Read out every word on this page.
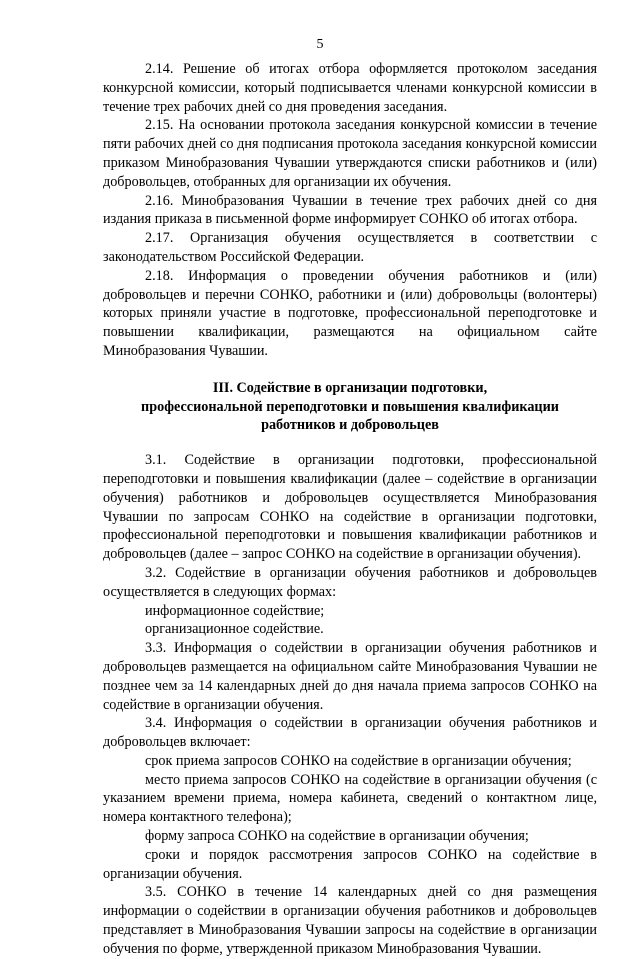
5

2.14. Решение об итогах отбора оформляется протоколом заседания конкурсной комиссии, который подписывается членами конкурсной комиссии в течение трех рабочих дней со дня проведения заседания.

2.15. На основании протокола заседания конкурсной комиссии в течение пяти рабочих дней со дня подписания протокола заседания конкурсной комиссии приказом Минобразования Чувашии утверждаются списки работников и (или) добровольцев, отобранных для организации их обучения.

2.16. Минобразования Чувашии в течение трех рабочих дней со дня издания приказа в письменной форме информирует СОНКО об итогах отбора.

2.17. Организация обучения осуществляется в соответствии с законодательством Российской Федерации.

2.18. Информация о проведении обучения работников и (или) добровольцев и перечни СОНКО, работники и (или) добровольцы (волонтеры) которых приняли участие в подготовке, профессиональной переподготовке и повышении квалификации, размещаются на официальном сайте Минобразования Чувашии.

III. Содействие в организации подготовки,
профессиональной переподготовки и повышения квалификации
работников и добровольцев

3.1. Содействие в организации подготовки, профессиональной переподготовки и повышения квалификации (далее – содействие в организации обучения) работников и добровольцев осуществляется Минобразования Чувашии по запросам СОНКО на содействие в организации подготовки, профессиональной переподготовки и повышения квалификации работников и добровольцев (далее – запрос СОНКО на содействие в организации обучения).

3.2. Содействие в организации обучения работников и добровольцев осуществляется в следующих формах:

информационное содействие;

организационное содействие.

3.3. Информация о содействии в организации обучения работников и добровольцев размещается на официальном сайте Минобразования Чувашии не позднее чем за 14 календарных дней до дня начала приема запросов СОНКО на содействие в организации обучения.

3.4. Информация о содействии в организации обучения работников и добровольцев включает:

срок приема запросов СОНКО на содействие в организации обучения;

место приема запросов СОНКО на содействие в организации обучения (с указанием времени приема, номера кабинета, сведений о контактном лице, номера контактного телефона);

форму запроса СОНКО на содействие в организации обучения;

сроки и порядок рассмотрения запросов СОНКО на содействие в организации обучения.

3.5. СОНКО в течение 14 календарных дней со дня размещения информации о содействии в организации обучения работников и добровольцев представляет в Минобразования Чувашии запросы на содействие в организации обучения по форме, утвержденной приказом Минобразования Чувашии.
